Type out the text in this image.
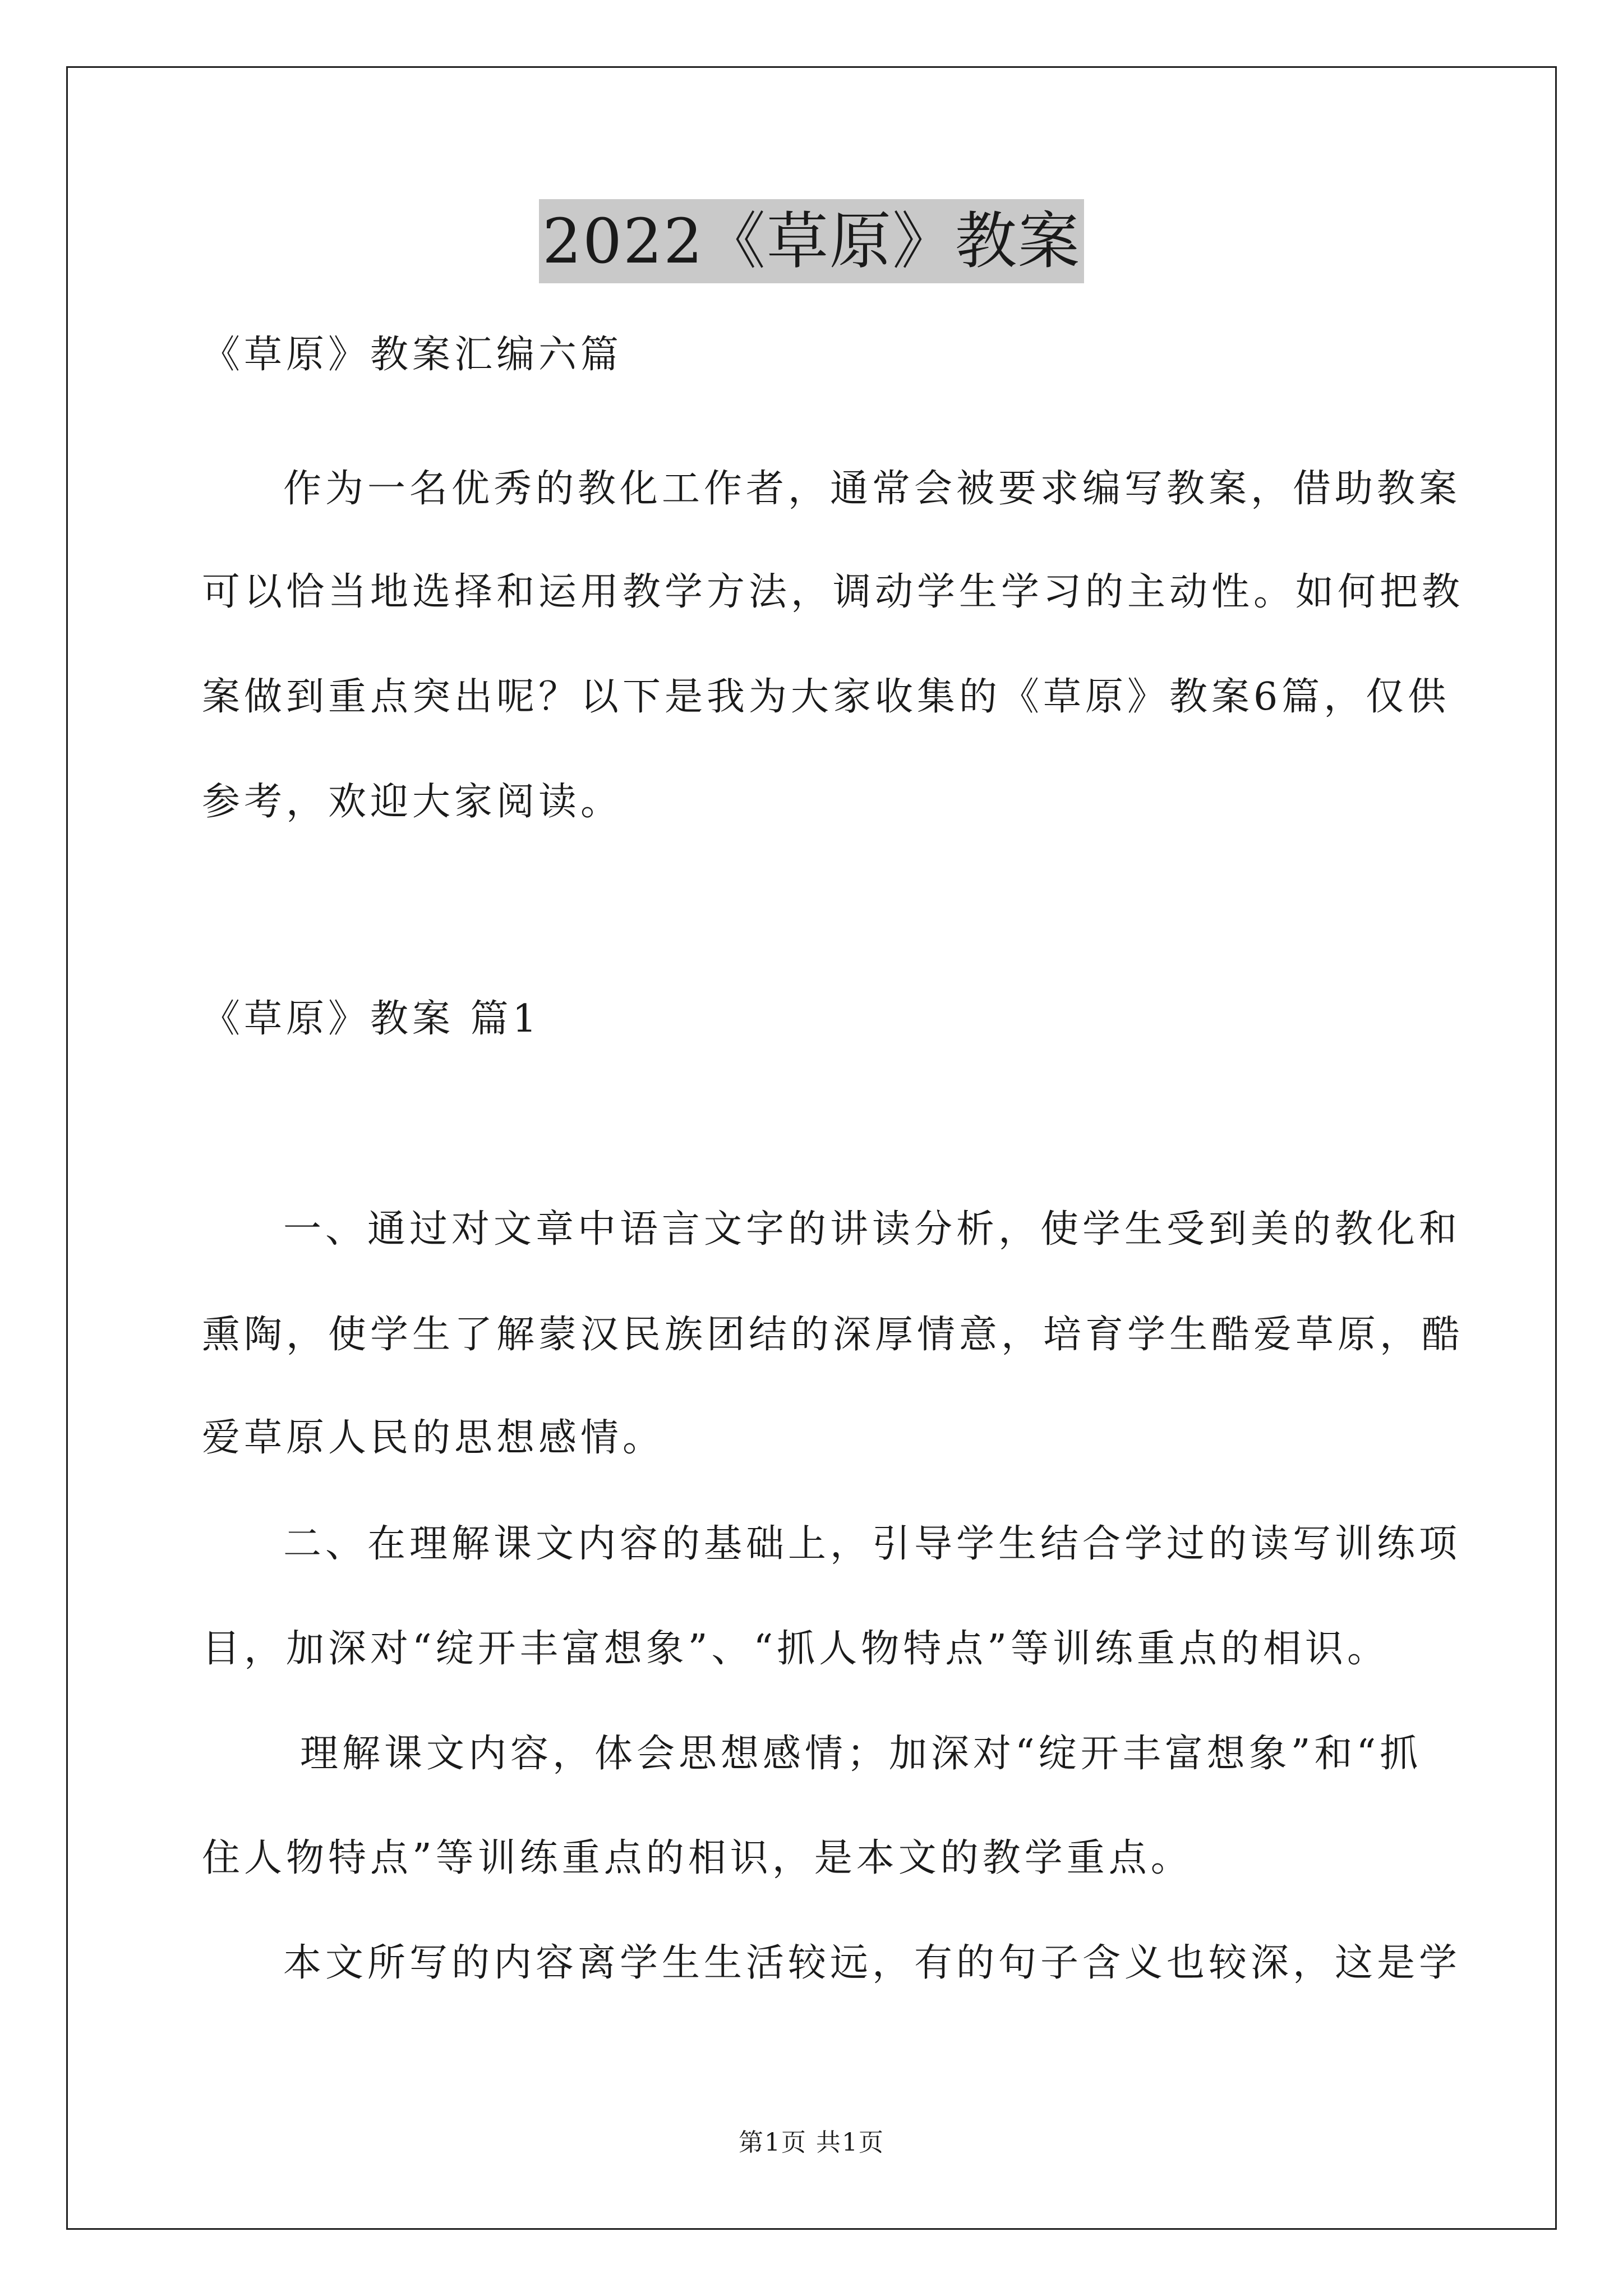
2022《草原》教案
《草原》教案汇编六篇
作为一名优秀的教化工作者，通常会被要求编写教案，借助教案
可以恰当地选择和运用教学方法，调动学生学习的主动性。如何把教
案做到重点突出呢？以下是我为大家收集的《草原》教案6篇，仅供
参考，欢迎大家阅读。
《草原》教案 篇1
一、通过对文章中语言文字的讲读分析，使学生受到美的教化和
熏陶，使学生了解蒙汉民族团结的深厚情意，培育学生酷爱草原，酷
爱草原人民的思想感情。
二、在理解课文内容的基础上，引导学生结合学过的读写训练项
目，加深对“绽开丰富想象”、“抓人物特点”等训练重点的相识。
理解课文内容，体会思想感情；加深对“绽开丰富想象”和“抓
住人物特点”等训练重点的相识，是本文的教学重点。
本文所写的内容离学生生活较远，有的句子含义也较深，这是学
第1页 共1页
